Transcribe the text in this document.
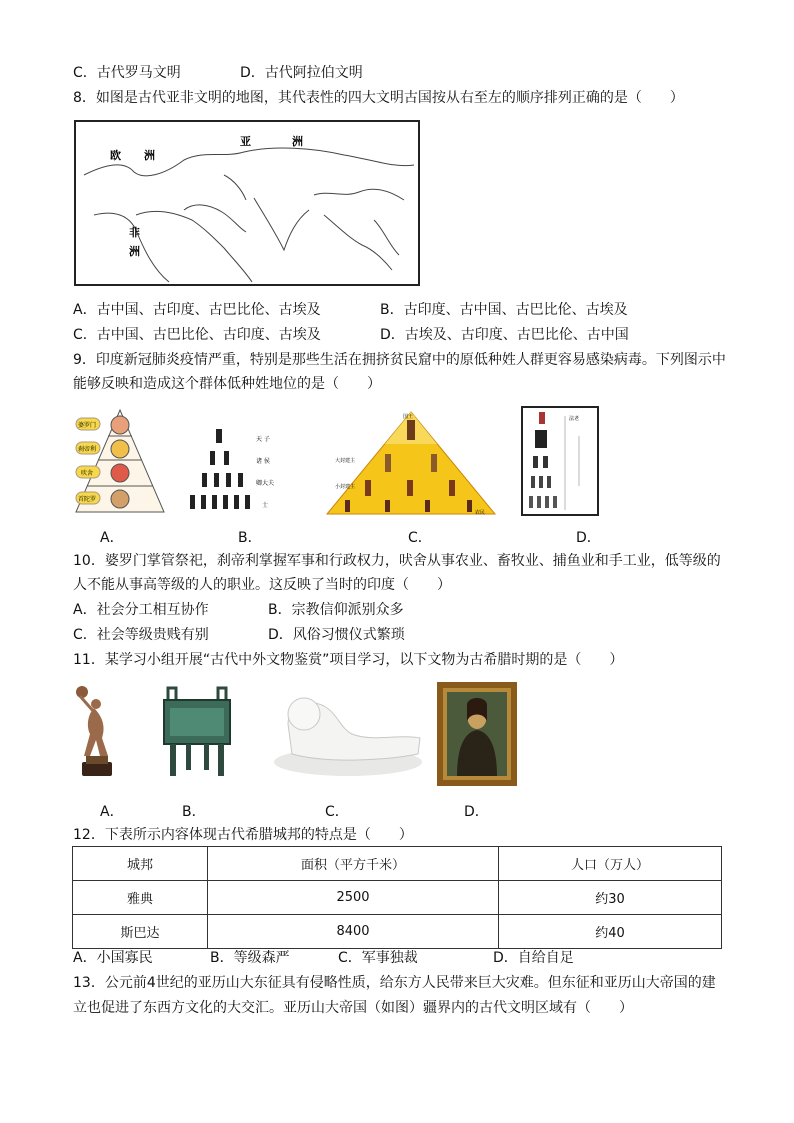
C．古代罗马文明	D．古代阿拉伯文明
8．如图是古代亚非文明的地图，其代表性的四大文明古国按从右至左的顺序排列正确的是（　　）
亚	洲
欧 洲
非
洲
A．古中国、古印度、古巴比伦、古埃及	B．古印度、古中国、古巴比伦、古埃及
C．古中国、古巴比伦、古印度、古埃及	D．古埃及、古印度、古巴比伦、古中国
9．印度新冠肺炎疫情严重，特别是那些生活在拥挤贫民窟中的原低种姓人群更容易感染病毒。下列图示中
能够反映和造成这个群体低种姓地位的是（　　）
婆罗门
刹帝利
吠舍
首陀罗
天 子
诸 侯
卿大夫
士
国王
大封建主
小封建主
农民
法老
A．	B．	C．	D．
10．婆罗门掌管祭祀，刹帝利掌握军事和行政权力，吠舍从事农业、畜牧业、捕鱼业和手工业，低等级的
人不能从事高等级的人的职业。这反映了当时的印度（　　）
A．社会分工相互协作	B．宗教信仰派别众多
C．社会等级贵贱有别	D．风俗习惯仪式繁琐
11．某学习小组开展“古代中外文物鉴赏”项目学习，以下文物为古希腊时期的是（　　）
A．	B．	C．	D．
12．下表所示内容体现古代希腊城邦的特点是（　　）
城邦	面积（平方千米）	人口（万人）
雅典	2500	约30
斯巴达	8400	约40
A．小国寡民	B．等级森严	C．军事独裁	D．自给自足
13．公元前4世纪的亚历山大东征具有侵略性质，给东方人民带来巨大灾难。但东征和亚历山大帝国的建
立也促进了东西方文化的大交汇。亚历山大帝国（如图）疆界内的古代文明区域有（　　）
